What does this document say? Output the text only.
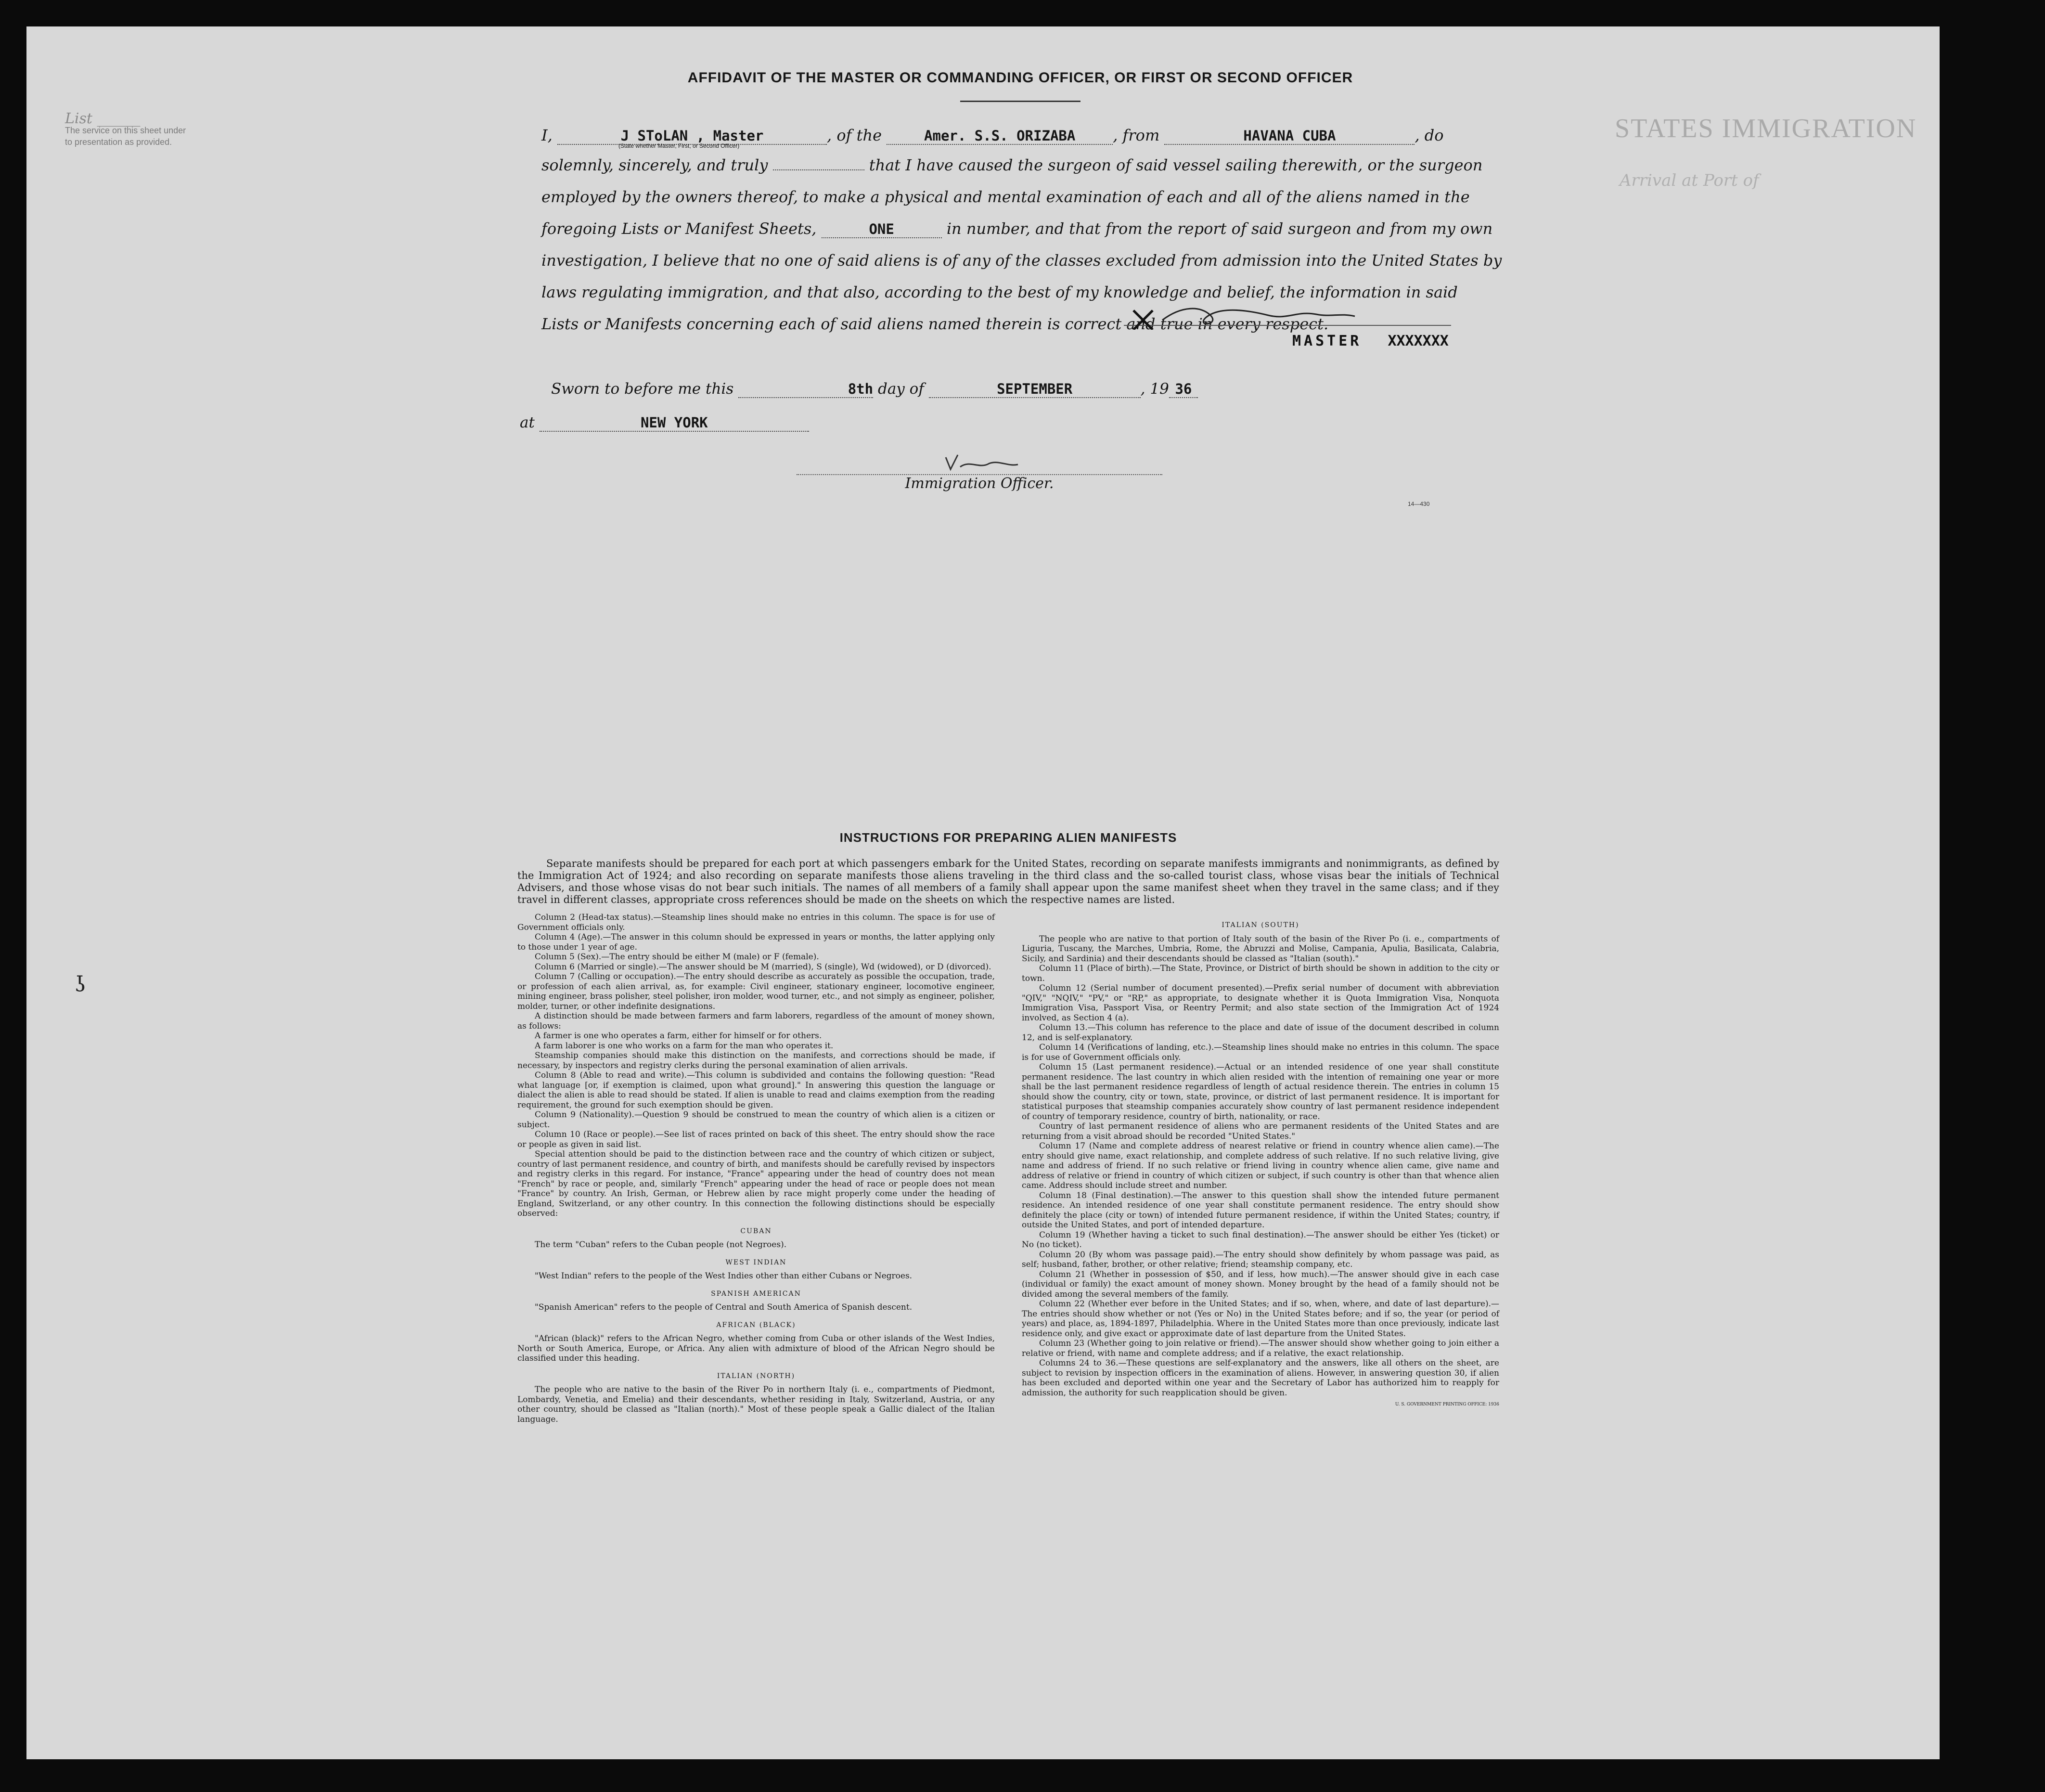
List ______
The service on this sheet under
to presentation as provided.	STATES IMMIGRATION
Arrival at Port of
AFFIDAVIT OF THE MASTER OR COMMANDING OFFICER, OR FIRST OR SECOND OFFICER
I,	J SToLAN , Master	, of the	Amer. S.S. ORIZABA , from	HAVANA CUBA	, do
(State whether Master, First, or Second Officer)
solemnly, sincerely, and truly	that I have caused the surgeon of said vessel sailing therewith, or the surgeon
employed by the owners thereof, to make a physical and mental examination of each and all of the aliens named in the
foregoing Lists or Manifest Sheets,	ONE	in number, and that from the report of said surgeon and from my own
investigation, I believe that no one of said aliens is of any of the classes excluded from admission into the United States by
laws regulating immigration, and that also, according to the best of my knowledge and belief, the information in said
Lists or Manifests concerning each of said aliens named therein is correct and true in every respect.
MASTER XXXXXXX
Sworn to before me this	8th day of	SEPTEMBER	, 19 36
at	NEW YORK
Immigration Officer.
14—430
INSTRUCTIONS FOR PREPARING ALIEN MANIFESTS

Separate manifests should be prepared for each port at which passengers embark for the United States, recording on separate manifests immigrants and nonimmigrants, as defined by the Immigration Act of 1924; and also recording on separate manifests those aliens traveling in the third class and the so-called tourist class, whose visas bear the initials of Technical Advisers, and those whose visas do not bear such initials. The names of all members of a family shall appear upon the same manifest sheet when they travel in the same class; and if they travel in different classes, appropriate cross references should be made on the sheets on which the respective names are listed.

Column 2 (Head-tax status).—Steamship lines should make no entries in this column. The space is for use of Government officials only.

Column 4 (Age).—The answer in this column should be expressed in years or months, the latter applying only to those under 1 year of age.

Column 5 (Sex).—The entry should be either M (male) or F (female).

Column 6 (Married or single).—The answer should be M (married), S (single), Wd (widowed), or D (divorced).

Column 7 (Calling or occupation).—The entry should describe as accurately as possible the occupation, trade, or profession of each alien arrival, as, for example: Civil engineer, stationary engineer, locomotive engineer, mining engineer, brass polisher, steel polisher, iron molder, wood turner, etc., and not simply as engineer, polisher, molder, turner, or other indefinite designations.

A distinction should be made between farmers and farm laborers, regardless of the amount of money shown, as follows:

A farmer is one who operates a farm, either for himself or for others.

A farm laborer is one who works on a farm for the man who operates it.

Steamship companies should make this distinction on the manifests, and corrections should be made, if necessary, by inspectors and registry clerks during the personal examination of alien arrivals.

Column 8 (Able to read and write).—This column is subdivided and contains the following question: "Read what language [or, if exemption is claimed, upon what ground]." In answering this question the language or dialect the alien is able to read should be stated. If alien is unable to read and claims exemption from the reading requirement, the ground for such exemption should be given.

Column 9 (Nationality).—Question 9 should be construed to mean the country of which alien is a citizen or subject.

Column 10 (Race or people).—See list of races printed on back of this sheet. The entry should show the race or people as given in said list.

Special attention should be paid to the distinction between race and the country of which citizen or subject, country of last permanent residence, and country of birth, and manifests should be carefully revised by inspectors and registry clerks in this regard. For instance, "France" appearing under the head of country does not mean "French" by race or people, and, similarly "French" appearing under the head of race or people does not mean "France" by country. An Irish, German, or Hebrew alien by race might properly come under the heading of England, Switzerland, or any other country. In this connection the following distinctions should be especially observed:

CUBAN

The term "Cuban" refers to the Cuban people (not Negroes).

WEST INDIAN

"West Indian" refers to the people of the West Indies other than either Cubans or Negroes.

SPANISH AMERICAN

"Spanish American" refers to the people of Central and South America of Spanish descent.

AFRICAN (BLACK)

"African (black)" refers to the African Negro, whether coming from Cuba or other islands of the West Indies, North or South America, Europe, or Africa. Any alien with admixture of blood of the African Negro should be classified under this heading.

ITALIAN (NORTH)

The people who are native to the basin of the River Po in northern Italy (i. e., compartments of Piedmont, Lombardy, Venetia, and Emelia) and their descendants, whether residing in Italy, Switzerland, Austria, or any other country, should be classed as "Italian (north)." Most of these people speak a Gallic dialect of the Italian language.

ITALIAN (SOUTH)

The people who are native to that portion of Italy south of the basin of the River Po (i. e., compartments of Liguria, Tuscany, the Marches, Umbria, Rome, the Abruzzi and Molise, Campania, Apulia, Basilicata, Calabria, Sicily, and Sardinia) and their descendants should be classed as "Italian (south)."

Column 11 (Place of birth).—The State, Province, or District of birth should be shown in addition to the city or town.

Column 12 (Serial number of document presented).—Prefix serial number of document with abbreviation "QIV," "NQIV," "PV," or "RP," as appropriate, to designate whether it is Quota Immigration Visa, Nonquota Immigration Visa, Passport Visa, or Reentry Permit; and also state section of the Immigration Act of 1924 involved, as Section 4 (a).

Column 13.—This column has reference to the place and date of issue of the document described in column 12, and is self-explanatory.

Column 14 (Verifications of landing, etc.).—Steamship lines should make no entries in this column. The space is for use of Government officials only.

Column 15 (Last permanent residence).—Actual or an intended residence of one year shall constitute permanent residence. The last country in which alien resided with the intention of remaining one year or more shall be the last permanent residence regardless of length of actual residence therein. The entries in column 15 should show the country, city or town, state, province, or district of last permanent residence. It is important for statistical purposes that steamship companies accurately show country of last permanent residence independent of country of temporary residence, country of birth, nationality, or race.

Country of last permanent residence of aliens who are permanent residents of the United States and are returning from a visit abroad should be recorded "United States."

Column 17 (Name and complete address of nearest relative or friend in country whence alien came).—The entry should give name, exact relationship, and complete address of such relative. If no such relative living, give name and address of friend. If no such relative or friend living in country whence alien came, give name and address of relative or friend in country of which citizen or subject, if such country is other than that whence alien came. Address should include street and number.

Column 18 (Final destination).—The answer to this question shall show the intended future permanent residence. An intended residence of one year shall constitute permanent residence. The entry should show definitely the place (city or town) of intended future permanent residence, if within the United States; country, if outside the United States, and port of intended departure.

Column 19 (Whether having a ticket to such final destination).—The answer should be either Yes (ticket) or No (no ticket).

Column 20 (By whom was passage paid).—The entry should show definitely by whom passage was paid, as self; husband, father, brother, or other relative; friend; steamship company, etc.

Column 21 (Whether in possession of $50, and if less, how much).—The answer should give in each case (individual or family) the exact amount of money shown. Money brought by the head of a family should not be divided among the several members of the family.

Column 22 (Whether ever before in the United States; and if so, when, where, and date of last departure).—The entries should show whether or not (Yes or No) in the United States before; and if so, the year (or period of years) and place, as, 1894-1897, Philadelphia. Where in the United States more than once previously, indicate last residence only, and give exact or approximate date of last departure from the United States.

Column 23 (Whether going to join relative or friend).—The answer should show whether going to join either a relative or friend, with name and complete address; and if a relative, the exact relationship.

Columns 24 to 36.—These questions are self-explanatory and the answers, like all others on the sheet, are subject to revision by inspection officers in the examination of aliens. However, in answering question 30, if alien has been excluded and deported within one year and the Secretary of Labor has authorized him to reapply for admission, the authority for such reapplication should be given.

U. S. GOVERNMENT PRINTING OFFICE: 1936
ʖ
